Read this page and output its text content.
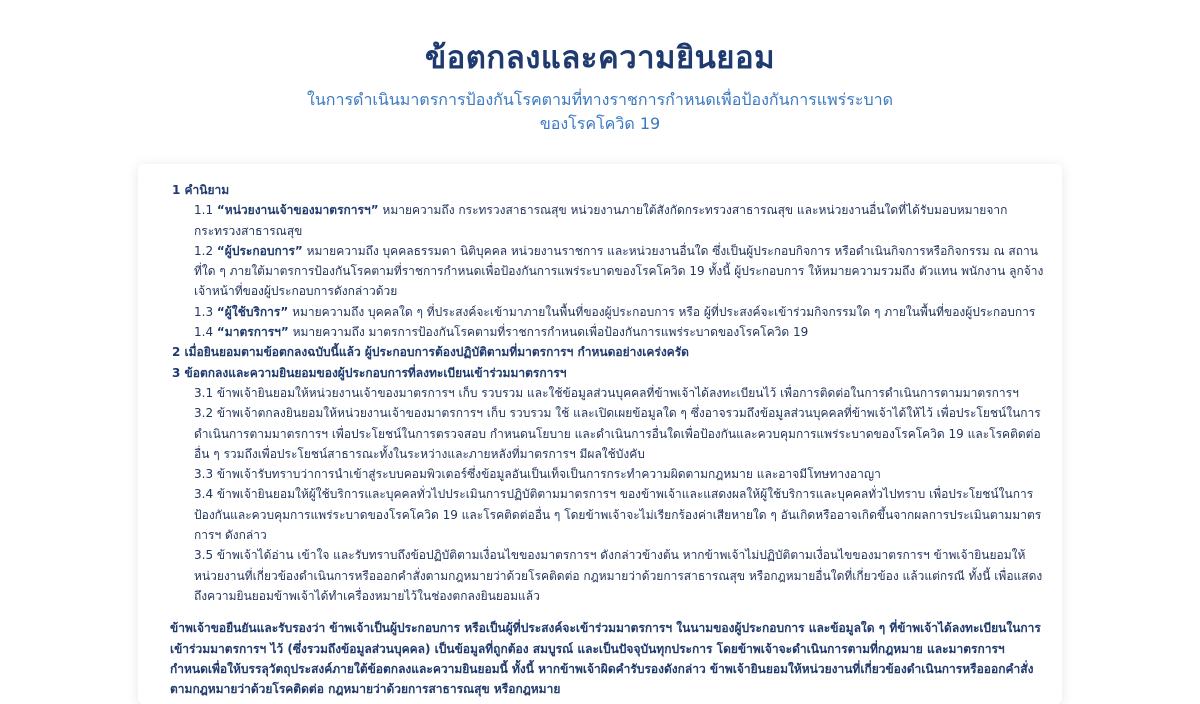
ข้อตกลงและความยินยอม
ในการดำเนินมาตรการป้องกันโรคตามที่ทางราชการกำหนดเพื่อป้องกันการแพร่ระบาด
ของโรคโควิด 19
1 คำนิยาม
1.1 “หน่วยงานเจ้าของมาตรการฯ” หมายความถึง กระทรวงสาธารณสุข หน่วยงานภายใต้สังกัดกระทรวงสาธารณสุข และหน่วยงานอื่นใดที่ได้รับมอบหมายจากกระทรวงสาธารณสุข
1.2 “ผู้ประกอบการ” หมายความถึง บุคคลธรรมดา นิติบุคคล หน่วยงานราชการ และหน่วยงานอื่นใด ซึ่งเป็นผู้ประกอบกิจการ หรือดำเนินกิจการหรือกิจกรรม ณ สถานที่ใด ๆ ภายใต้มาตรการป้องกันโรคตามที่ราชการกำหนดเพื่อป้องกันการแพร่ระบาดของโรคโควิด 19 ทั้งนี้ ผู้ประกอบการ ให้หมายความรวมถึง ตัวแทน พนักงาน ลูกจ้าง เจ้าหน้าที่ของผู้ประกอบการดังกล่าวด้วย
1.3 “ผู้ใช้บริการ” หมายความถึง บุคคลใด ๆ ที่ประสงค์จะเข้ามาภายในพื้นที่ของผู้ประกอบการ หรือ ผู้ที่ประสงค์จะเข้าร่วมกิจกรรมใด ๆ ภายในพื้นที่ของผู้ประกอบการ
1.4 “มาตรการฯ” หมายความถึง มาตรการป้องกันโรคตามที่ราชการกำหนดเพื่อป้องกันการแพร่ระบาดของโรคโควิด 19
2 เมื่อยินยอมตามข้อตกลงฉบับนี้แล้ว ผู้ประกอบการต้องปฏิบัติตามที่มาตรการฯ กำหนดอย่างเคร่งครัด
3 ข้อตกลงและความยินยอมของผู้ประกอบการที่ลงทะเบียนเข้าร่วมมาตรการฯ
3.1 ข้าพเจ้ายินยอมให้หน่วยงานเจ้าของมาตรการฯ เก็บ รวบรวม และใช้ข้อมูลส่วนบุคคลที่ข้าพเจ้าได้ลงทะเบียนไว้ เพื่อการติดต่อในการดำเนินการตามมาตรการฯ
3.2 ข้าพเจ้าตกลงยินยอมให้หน่วยงานเจ้าของมาตรการฯ เก็บ รวบรวม ใช้ และเปิดเผยข้อมูลใด ๆ ซึ่งอาจรวมถึงข้อมูลส่วนบุคคลที่ข้าพเจ้าได้ให้ไว้ เพื่อประโยชน์ในการดำเนินการตามมาตรการฯ เพื่อประโยชน์ในการตรวจสอบ กำหนดนโยบาย และดำเนินการอื่นใดเพื่อป้องกันและควบคุมการแพร่ระบาดของโรคโควิด 19 และโรคติดต่ออื่น ๆ รวมถึงเพื่อประโยชน์สาธารณะทั้งในระหว่างและภายหลังที่มาตรการฯ มีผลใช้บังคับ
3.3 ข้าพเจ้ารับทราบว่าการนำเข้าสู่ระบบคอมพิวเตอร์ซึ่งข้อมูลอันเป็นเท็จเป็นการกระทำความผิดตามกฎหมาย และอาจมีโทษทางอาญา
3.4 ข้าพเจ้ายินยอมให้ผู้ใช้บริการและบุคคลทั่วไปประเมินการปฏิบัติตามมาตรการฯ ของข้าพเจ้าและแสดงผลให้ผู้ใช้บริการและบุคคลทั่วไปทราบ เพื่อประโยชน์ในการป้องกันและควบคุมการแพร่ระบาดของโรคโควิด 19 และโรคติดต่ออื่น ๆ โดยข้าพเจ้าจะไม่เรียกร้องค่าเสียหายใด ๆ อันเกิดหรืออาจเกิดขึ้นจากผลการประเมินตามมาตรการฯ ดังกล่าว
3.5 ข้าพเจ้าได้อ่าน เข้าใจ และรับทราบถึงข้อปฏิบัติตามเงื่อนไขของมาตรการฯ ดังกล่าวข้างต้น หากข้าพเจ้าไม่ปฏิบัติตามเงื่อนไขของมาตรการฯ ข้าพเจ้ายินยอมให้หน่วยงานที่เกี่ยวข้องดำเนินการหรือออกคำสั่งตามกฎหมายว่าด้วยโรคติดต่อ กฎหมายว่าด้วยการสาธารณสุข หรือกฎหมายอื่นใดที่เกี่ยวข้อง แล้วแต่กรณี ทั้งนี้ เพื่อแสดงถึงความยินยอมข้าพเจ้าได้ทำเครื่องหมายไว้ในช่องตกลงยินยอมแล้ว
ข้าพเจ้าขอยืนยันและรับรองว่า ข้าพเจ้าเป็นผู้ประกอบการ หรือเป็นผู้ที่ประสงค์จะเข้าร่วมมาตรการฯ ในนามของผู้ประกอบการ และข้อมูลใด ๆ ที่ข้าพเจ้าได้ลงทะเบียนในการเข้าร่วมมาตรการฯ ไว้ (ซึ่งรวมถึงข้อมูลส่วนบุคคล) เป็นข้อมูลที่ถูกต้อง สมบูรณ์ และเป็นปัจจุบันทุกประการ โดยข้าพเจ้าจะดำเนินการตามที่กฎหมาย และมาตรการฯ กำหนดเพื่อให้บรรลุวัตถุประสงค์ภายใต้ข้อตกลงและความยินยอมนี้ ทั้งนี้ หากข้าพเจ้าผิดคำรับรองดังกล่าว ข้าพเจ้ายินยอมให้หน่วยงานที่เกี่ยวข้องดำเนินการหรือออกคำสั่งตามกฎหมายว่าด้วยโรคติดต่อ กฎหมายว่าด้วยการสาธารณสุข หรือกฎหมาย
